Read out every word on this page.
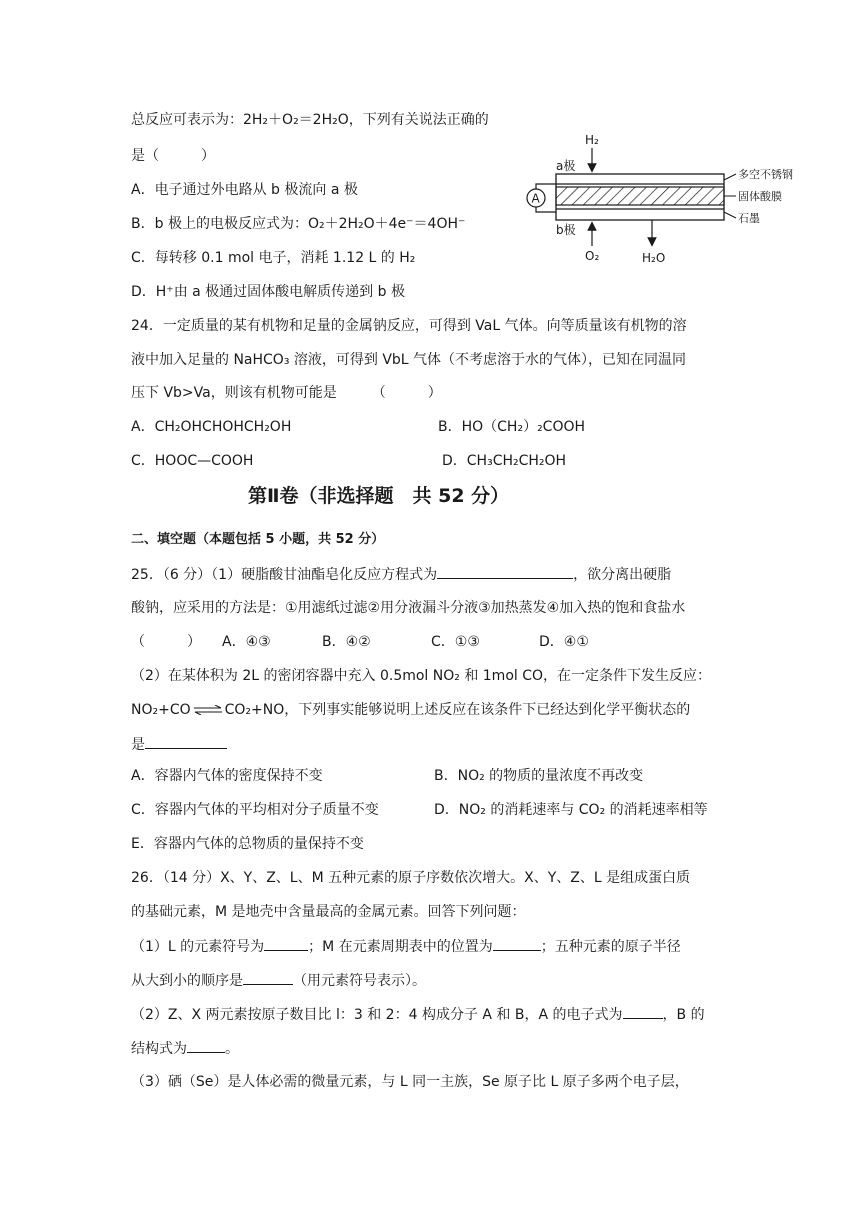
总反应可表示为：2H₂＋O₂＝2H₂O，下列有关说法正确的
是（　　　）
A．电子通过外电路从 b 极流向 a 极
B．b 极上的电极反应式为：O₂＋2H₂O＋4e⁻＝4OH⁻
C．每转移 0.1 mol 电子，消耗 1.12 L 的 H₂
D．H⁺由 a 极通过固体酸电解质传递到 b 极
H₂
a极
A
b极
O₂	H₂O
多空不锈钢
固体酸膜
石墨
24．一定质量的某有机物和足量的金属钠反应，可得到 VaL 气体。向等质量该有机物的溶
液中加入足量的 NaHCO₃ 溶液，可得到 VbL 气体（不考虑溶于水的气体），已知在同温同
压下 Vb>Va，则该有机物可能是　　　（　　　）
A．CH₂OHCHOHCH₂OH	B．HO（CH₂）₂COOH
C．HOOC—COOH	D．CH₃CH₂CH₂OH
第Ⅱ卷（非选择题　共 52 分）
二、填空题（本题包括 5 小题，共 52 分）
25．（6 分）（1）硬脂酸甘油酯皂化反应方程式为	，欲分离出硬脂
酸钠，应采用的方法是：①用滤纸过滤②用分液漏斗分液③加热蒸发④加入热的饱和食盐水
（　　　） A．④③	B．④②	C．①③	D．④①
（2）在某体积为 2L 的密闭容器中充入 0.5mol NO₂ 和 1mol CO，在一定条件下发生反应：
NO₂+CO ⇌ CO₂+NO，下列事实能够说明上述反应在该条件下已经达到化学平衡状态的
是
A．容器内气体的密度保持不变	B．NO₂ 的物质的量浓度不再改变
C．容器内气体的平均相对分子质量不变	D．NO₂ 的消耗速率与 CO₂ 的消耗速率相等
E．容器内气体的总物质的量保持不变
26．（14 分）X、Y、Z、L、M 五种元素的原子序数依次增大。X、Y、Z、L 是组成蛋白质
的基础元素，M 是地壳中含量最高的金属元素。回答下列问题：
（1）L 的元素符号为	；M 在元素周期表中的位置为	；五种元素的原子半径
从大到小的顺序是	（用元素符号表示）。
（2）Z、X 两元素按原子数目比 l：3 和 2：4 构成分子 A 和 B，A 的电子式为	，B 的
结构式为	。
（3）硒（Se）是人体必需的微量元素，与 L 同一主族，Se 原子比 L 原子多两个电子层，
